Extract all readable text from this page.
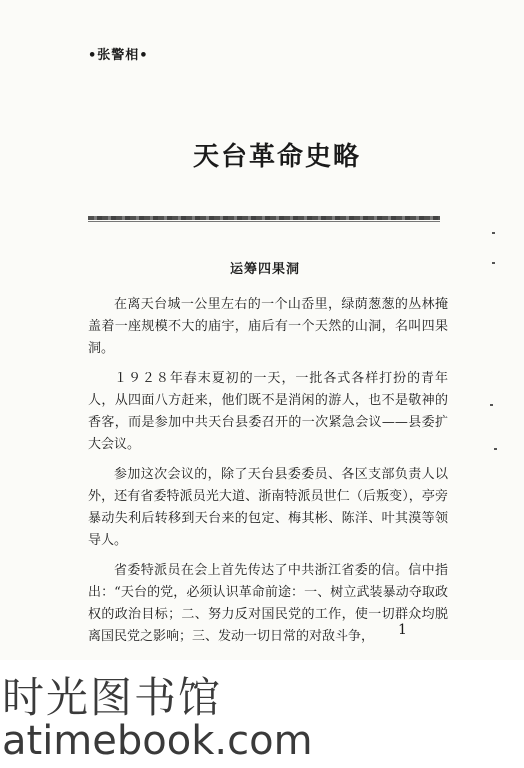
•张警相•
天台革命史略
运筹四果洞

在离天台城一公里左右的一个山岙里，绿荫葱葱的丛林掩盖着一座规模不大的庙宇，庙后有一个天然的山洞，名叫四果洞。

１９２８年春末夏初的一天，一批各式各样打扮的青年人，从四面八方赶来，他们既不是消闲的游人，也不是敬神的香客，而是参加中共天台县委召开的一次紧急会议——县委扩大会议。

参加这次会议的，除了天台县委委员、各区支部负责人以外，还有省委特派员光大道、浙南特派员世仁（后叛变），亭旁暴动失利后转移到天台来的包定、梅其彬、陈洋、叶其漠等领导人。

省委特派员在会上首先传达了中共浙江省委的信。信中指出：“天台的党，必须认识革命前途：一、树立武装暴动夺取政权的政治目标；二、努力反对国民党的工作，使一切群众均脱离国民党之影响；三、发动一切日常的对敌斗争，	1
时光图书馆
atimebook.com
